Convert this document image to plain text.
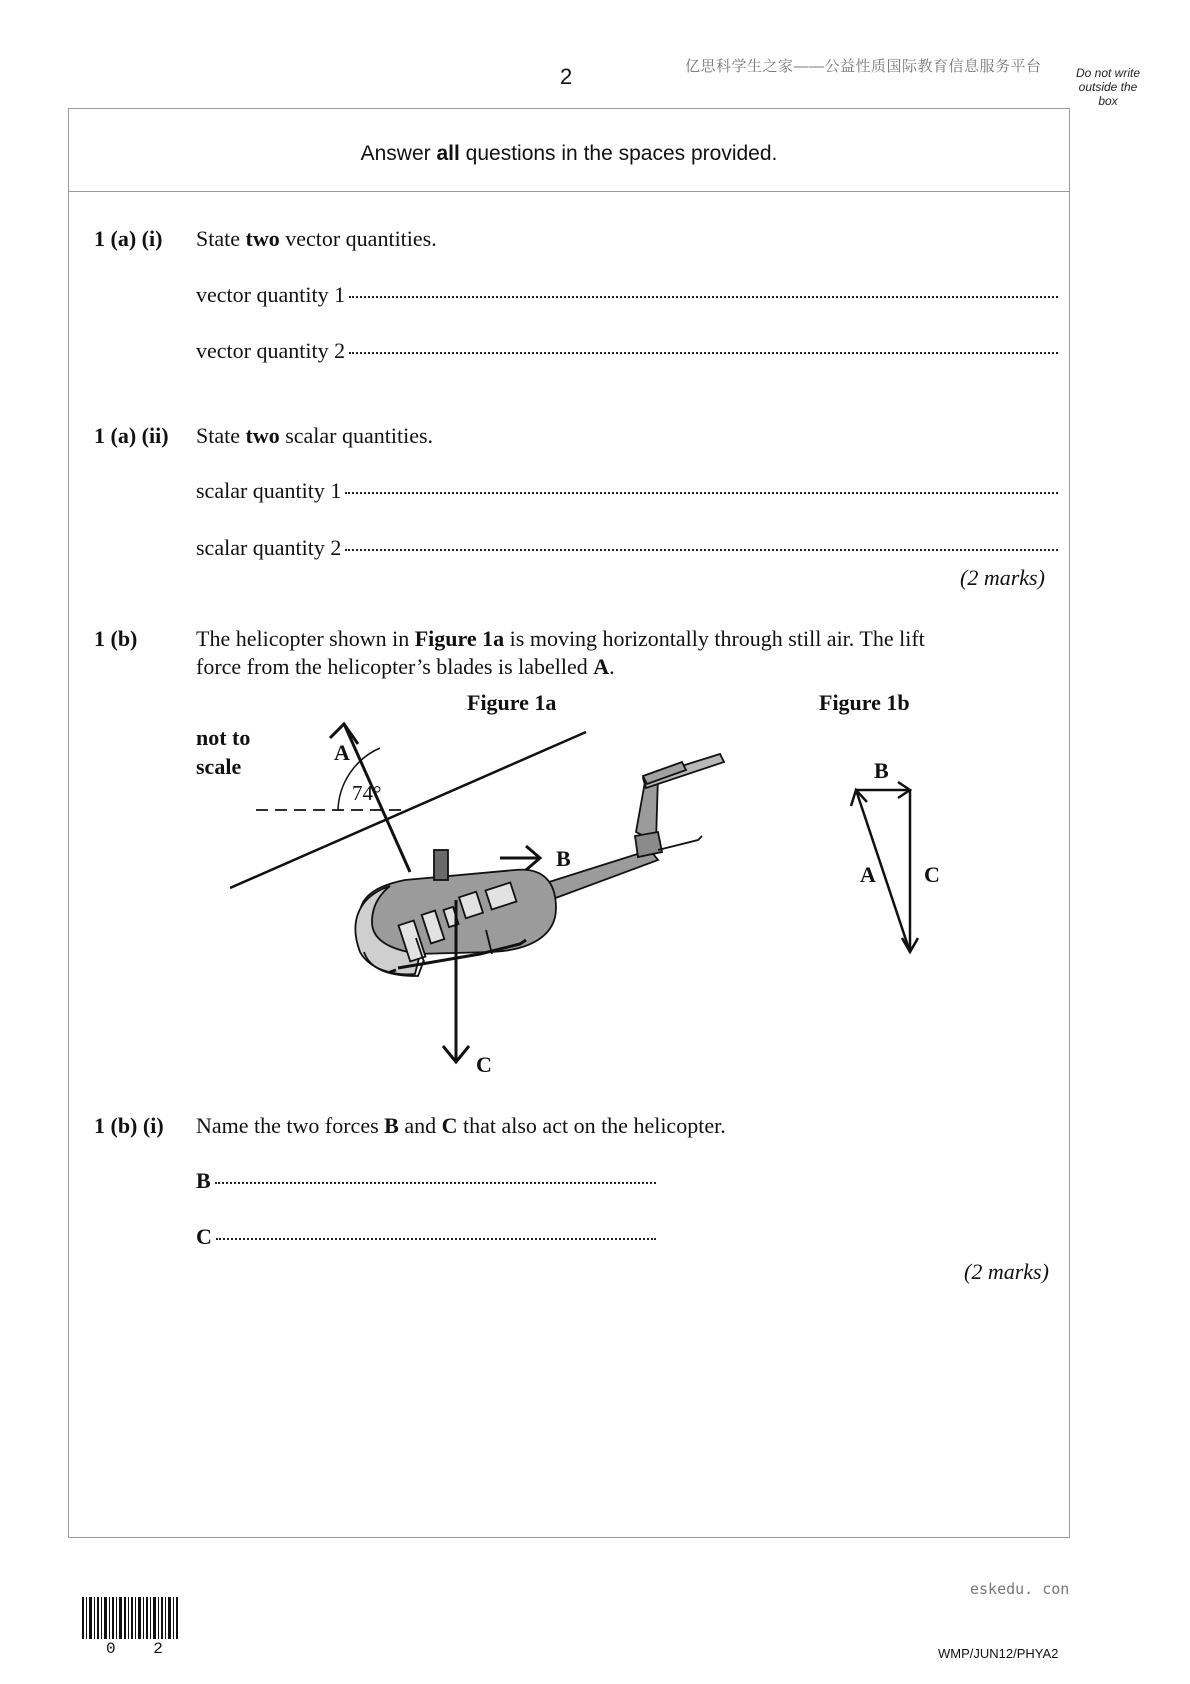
2	亿思科学生之家——公益性质国际教育信息服务平台	Do not write outside the box
Answer all questions in the spaces provided.
1 (a) (i) State two vector quantities.
vector quantity 1
vector quantity 2
1 (a) (ii) State two scalar quantities.
scalar quantity 1
scalar quantity 2
(2 marks)
1 (b)	The helicopter shown in Figure 1a is moving horizontally through still air. The lift
force from the helicopter’s blades is labelled A.
Figure 1a	Figure 1b
not to
scale
74°
A
B
C
B
A C
1 (b) (i) Name the two forces B and C that also act on the helicopter.
B
C
(2 marks)
0 2
eskedu. con
WMP/JUN12/PHYA2
